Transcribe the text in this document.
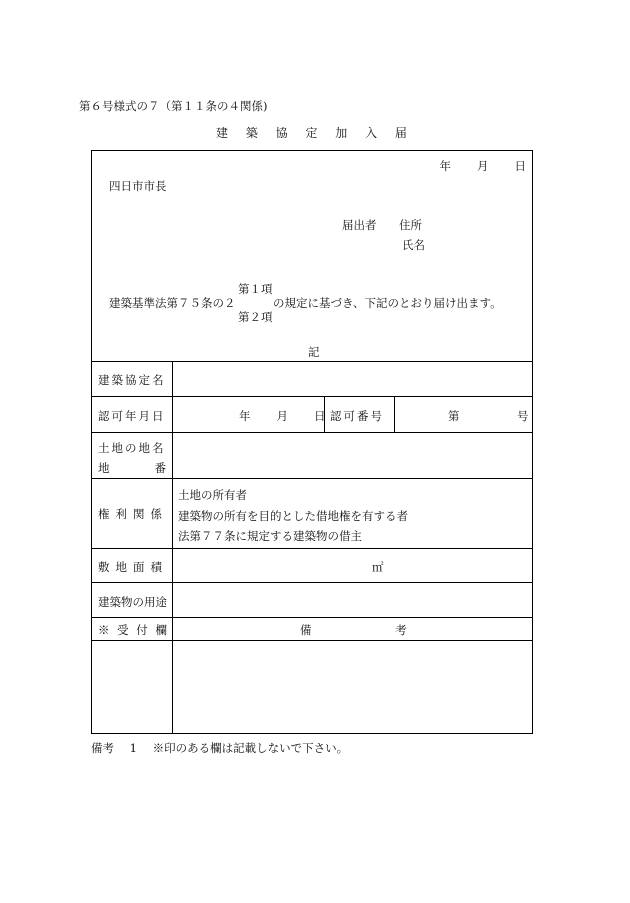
第６号様式の７（第１１条の４関係)
建 築 協 定 加 入 届
年 月 日
四日市市長
届出者 住所
氏名
第１項
建築基準法第７５条の２	の規定に基づき、下記のとおり届け出ます。
第２項
記
建築協定名
認可年月日	年 月 日 認可番号	第	号
土地の地名
地 番
権利関係
土地の所有者
建築物の所有を目的とした借地権を有する者
法第７７条に規定する建築物の借主
敷地面積	㎡
建築物の用途
※ 受 付 欄	備 考
備考 1 ※印のある欄は記載しないで下さい。
